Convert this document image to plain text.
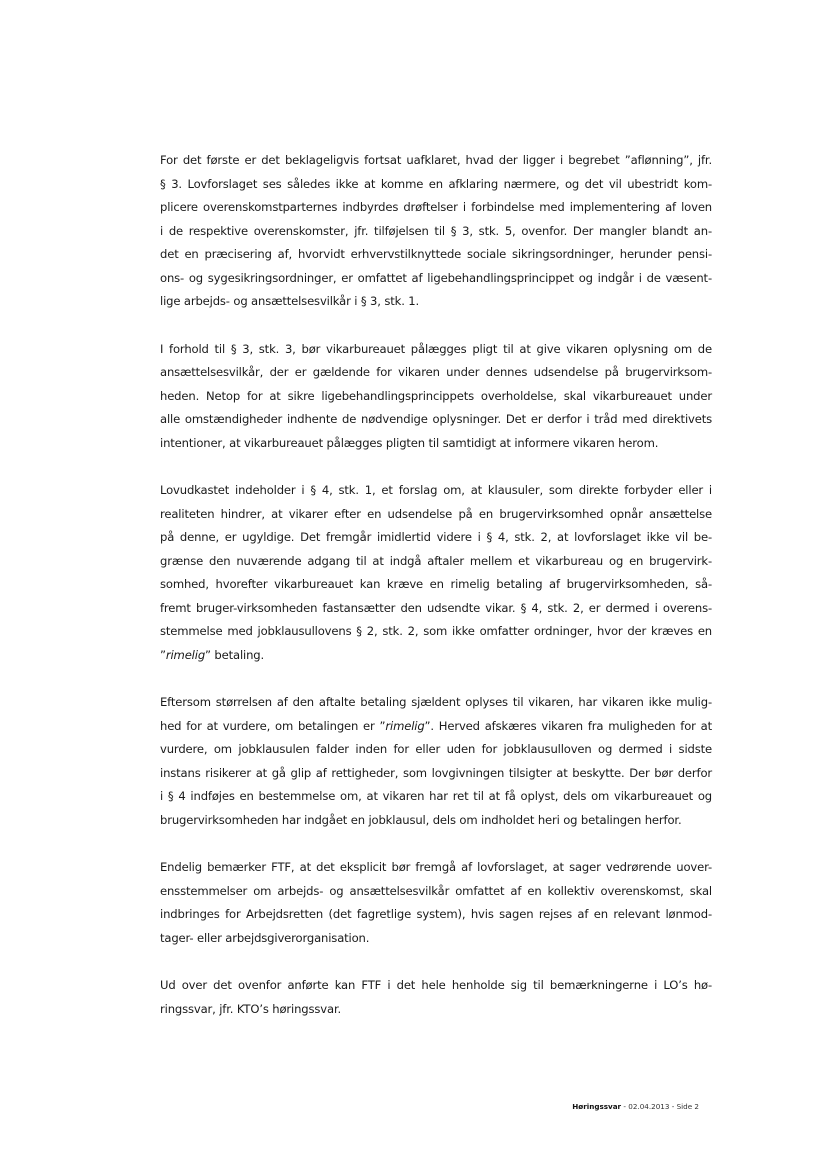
For det første er det beklageligvis fortsat uafklaret, hvad der ligger i begrebet ”aflønning”, jfr.
§ 3. Lovforslaget ses således ikke at komme en afklaring nærmere, og det vil ubestridt kom-
plicere overenskomstparternes indbyrdes drøftelser i forbindelse med implementering af loven
i de respektive overenskomster, jfr. tilføjelsen til § 3, stk. 5, ovenfor. Der mangler blandt an-
det en præcisering af, hvorvidt erhvervstilknyttede sociale sikringsordninger, herunder pensi-
ons- og sygesikringsordninger, er omfattet af ligebehandlingsprincippet og indgår i de væsent-
lige arbejds- og ansættelsesvilkår i § 3, stk. 1.

I forhold til § 3, stk. 3, bør vikarbureauet pålægges pligt til at give vikaren oplysning om de
ansættelsesvilkår, der er gældende for vikaren under dennes udsendelse på brugervirksom-
heden. Netop for at sikre ligebehandlingsprincippets overholdelse, skal vikarbureauet under
alle omstændigheder indhente de nødvendige oplysninger. Det er derfor i tråd med direktivets
intentioner, at vikarbureauet pålægges pligten til samtidigt at informere vikaren herom.

Lovudkastet indeholder i § 4, stk. 1, et forslag om, at klausuler, som direkte forbyder eller i
realiteten hindrer, at vikarer efter en udsendelse på en brugervirksomhed opnår ansættelse
på denne, er ugyldige. Det fremgår imidlertid videre i § 4, stk. 2, at lovforslaget ikke vil be-
grænse den nuværende adgang til at indgå aftaler mellem et vikarbureau og en brugervirk-
somhed, hvorefter vikarbureauet kan kræve en rimelig betaling af brugervirksomheden, så-
fremt bruger-virksomheden fastansætter den udsendte vikar. § 4, stk. 2, er dermed i overens-
stemmelse med jobklausullovens § 2, stk. 2, som ikke omfatter ordninger, hvor der kræves en
”rimelig” betaling.

Eftersom størrelsen af den aftalte betaling sjældent oplyses til vikaren, har vikaren ikke mulig-
hed for at vurdere, om betalingen er ”rimelig”. Herved afskæres vikaren fra muligheden for at
vurdere, om jobklausulen falder inden for eller uden for jobklausulloven og dermed i sidste
instans risikerer at gå glip af rettigheder, som lovgivningen tilsigter at beskytte. Der bør derfor
i § 4 indføjes en bestemmelse om, at vikaren har ret til at få oplyst, dels om vikarbureauet og
brugervirksomheden har indgået en jobklausul, dels om indholdet heri og betalingen herfor.

Endelig bemærker FTF, at det eksplicit bør fremgå af lovforslaget, at sager vedrørende uover-
ensstemmelser om arbejds- og ansættelsesvilkår omfattet af en kollektiv overenskomst, skal
indbringes for Arbejdsretten (det fagretlige system), hvis sagen rejses af en relevant lønmod-
tager- eller arbejdsgiverorganisation.

Ud over det ovenfor anførte kan FTF i det hele henholde sig til bemærkningerne i LO’s hø-
ringssvar, jfr. KTO’s høringssvar.

Høringssvar - 02.04.2013 - Side 2
